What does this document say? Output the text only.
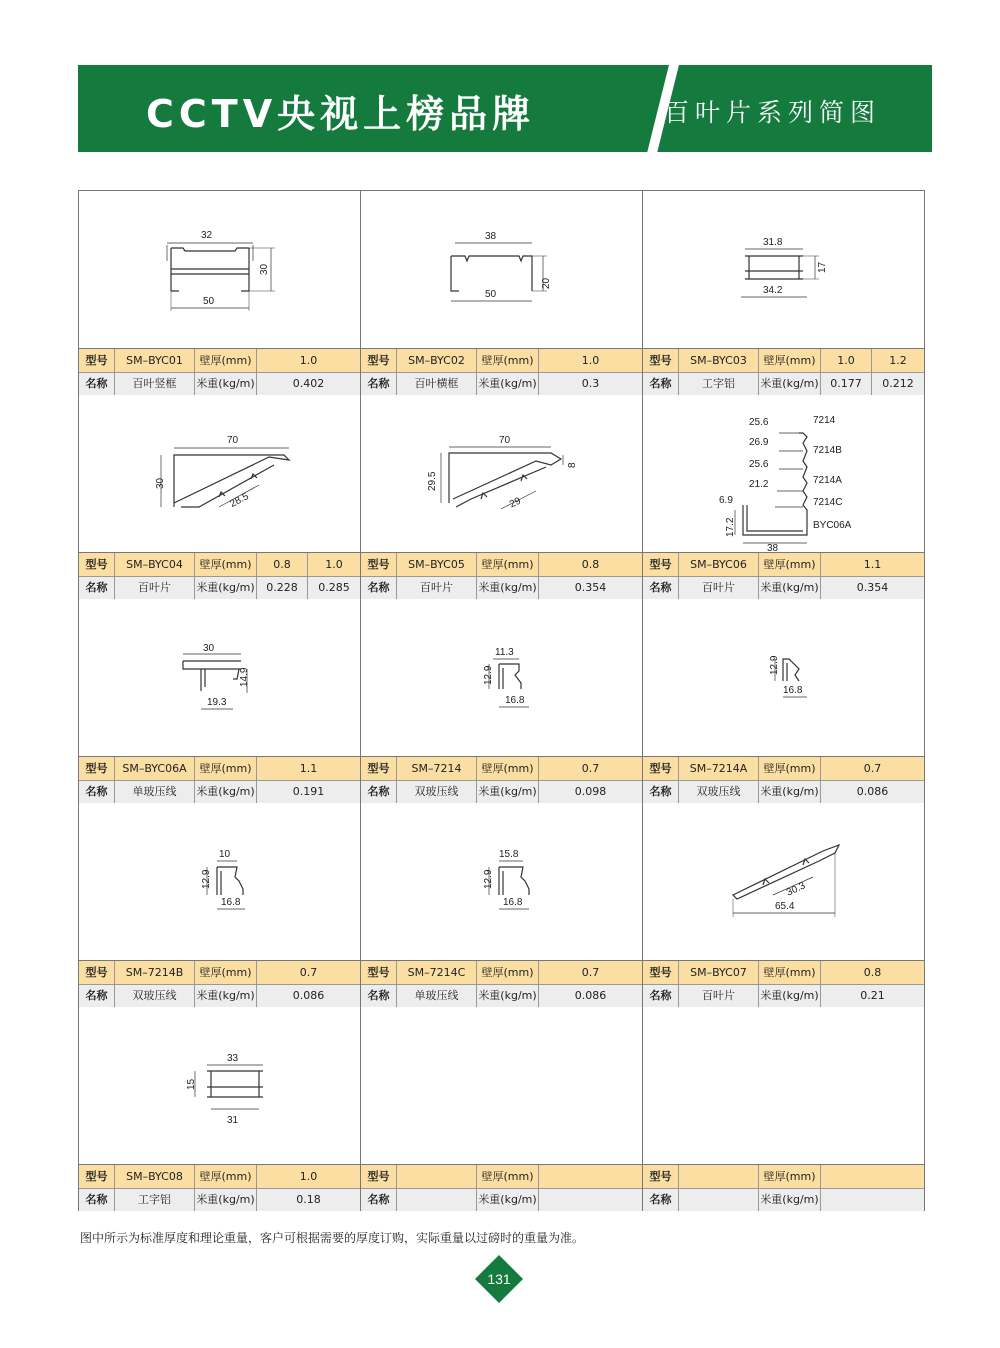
CCTV央视上榜品牌	百叶片系列简图
32
30
50
型号	SM–BYC01	壁厚(mm)	1.0
名称	百叶竖框	米重(kg/m)	0.402
38
20
50
型号	SM–BYC02	壁厚(mm)	1.0
名称	百叶横框	米重(kg/m)	0.3
31.8
17
34.2
型号	SM–BYC03	壁厚(mm)	1.0	1.2
名称	工字铝	米重(kg/m)	0.177	0.212
70
30
28.5
型号	SM–BYC04	壁厚(mm)	0.8	1.0
名称	百叶片	米重(kg/m)	0.228	0.285
70
29.5
29
8
型号	SM–BYC05	壁厚(mm)	0.8
名称	百叶片	米重(kg/m)	0.354
25.6
26.9
25.6
21.2
6.9
17.2
38
7214
7214B
7214A
7214C
BYC06A
型号	SM–BYC06	壁厚(mm)	1.1
名称	百叶片	米重(kg/m)	0.354
30
14.9
19.3
型号	SM–BYC06A	壁厚(mm)	1.1
名称	单玻压线	米重(kg/m)	0.191
11.3
12.9
16.8
型号	SM–7214	壁厚(mm)	0.7
名称	双玻压线	米重(kg/m)	0.098
12.9
16.8
型号	SM–7214A	壁厚(mm)	0.7
名称	双玻压线	米重(kg/m)	0.086
10
12.9
16.8
型号	SM–7214B	壁厚(mm)	0.7
名称	双玻压线	米重(kg/m)	0.086
15.8
12.9
16.8
型号	SM–7214C	壁厚(mm)	0.7
名称	单玻压线	米重(kg/m)	0.086
30.3
65.4
型号	SM–BYC07	壁厚(mm)	0.8
名称	百叶片	米重(kg/m)	0.21
33
15
31
型号	SM–BYC08	壁厚(mm)	1.0
名称	工字铝	米重(kg/m)	0.18
型号	壁厚(mm)
名称	米重(kg/m)
型号	壁厚(mm)
名称	米重(kg/m)
图中所示为标准厚度和理论重量，客户可根据需要的厚度订购，实际重量以过磅时的重量为准。
131
